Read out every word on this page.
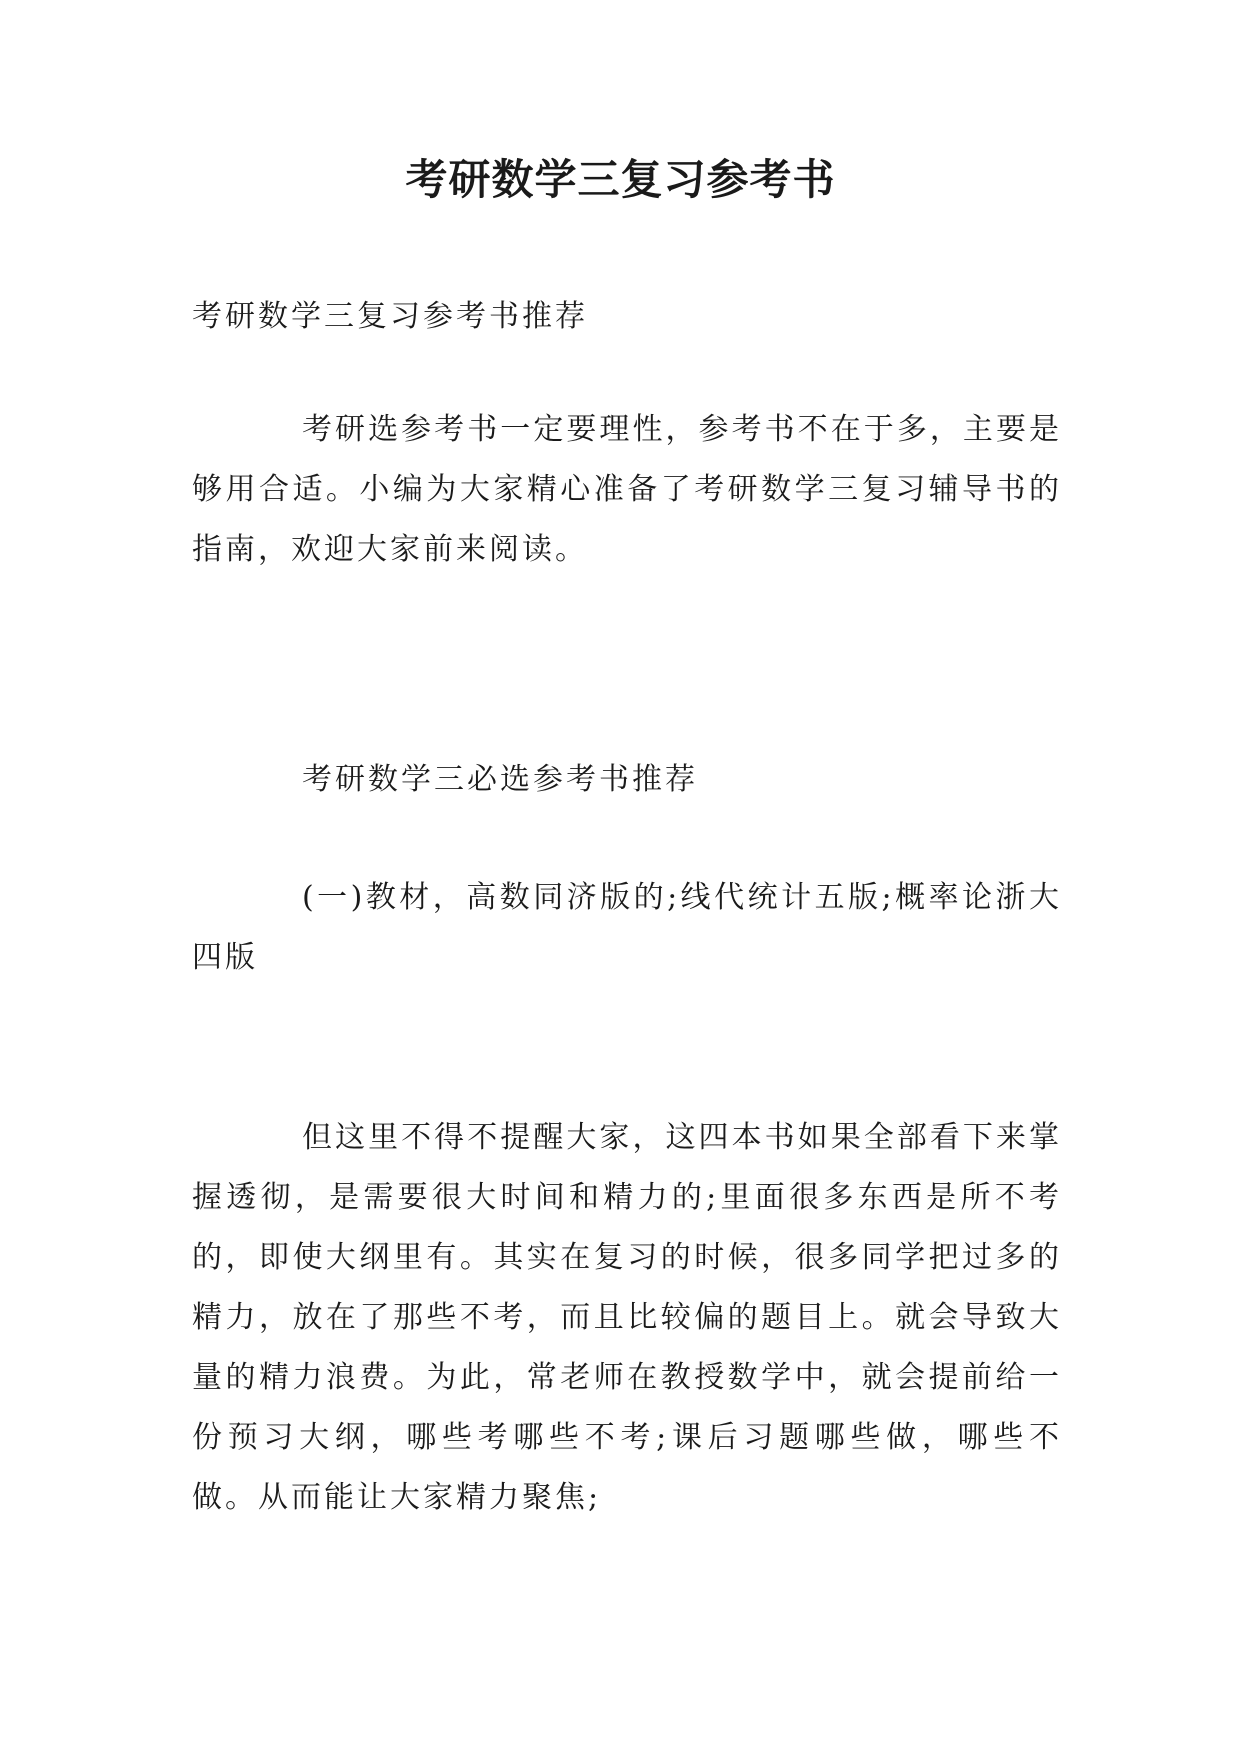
考研数学三复习参考书

考研数学三复习参考书推荐

考研选参考书一定要理性，参考书不在于多，主要是够用合适。小编为大家精心准备了考研数学三复习辅导书的指南，欢迎大家前来阅读。

考研数学三必选参考书推荐

(一)教材，高数同济版的;线代统计五版;概率论浙大四版

但这里不得不提醒大家，这四本书如果全部看下来掌握透彻，是需要很大时间和精力的;里面很多东西是所不考的，即使大纲里有。其实在复习的时候，很多同学把过多的精力，放在了那些不考，而且比较偏的题目上。就会导致大量的精力浪费。为此，常老师在教授数学中，就会提前给一份预习大纲，哪些考哪些不考;课后习题哪些做，哪些不做。从而能让大家精力聚焦;
